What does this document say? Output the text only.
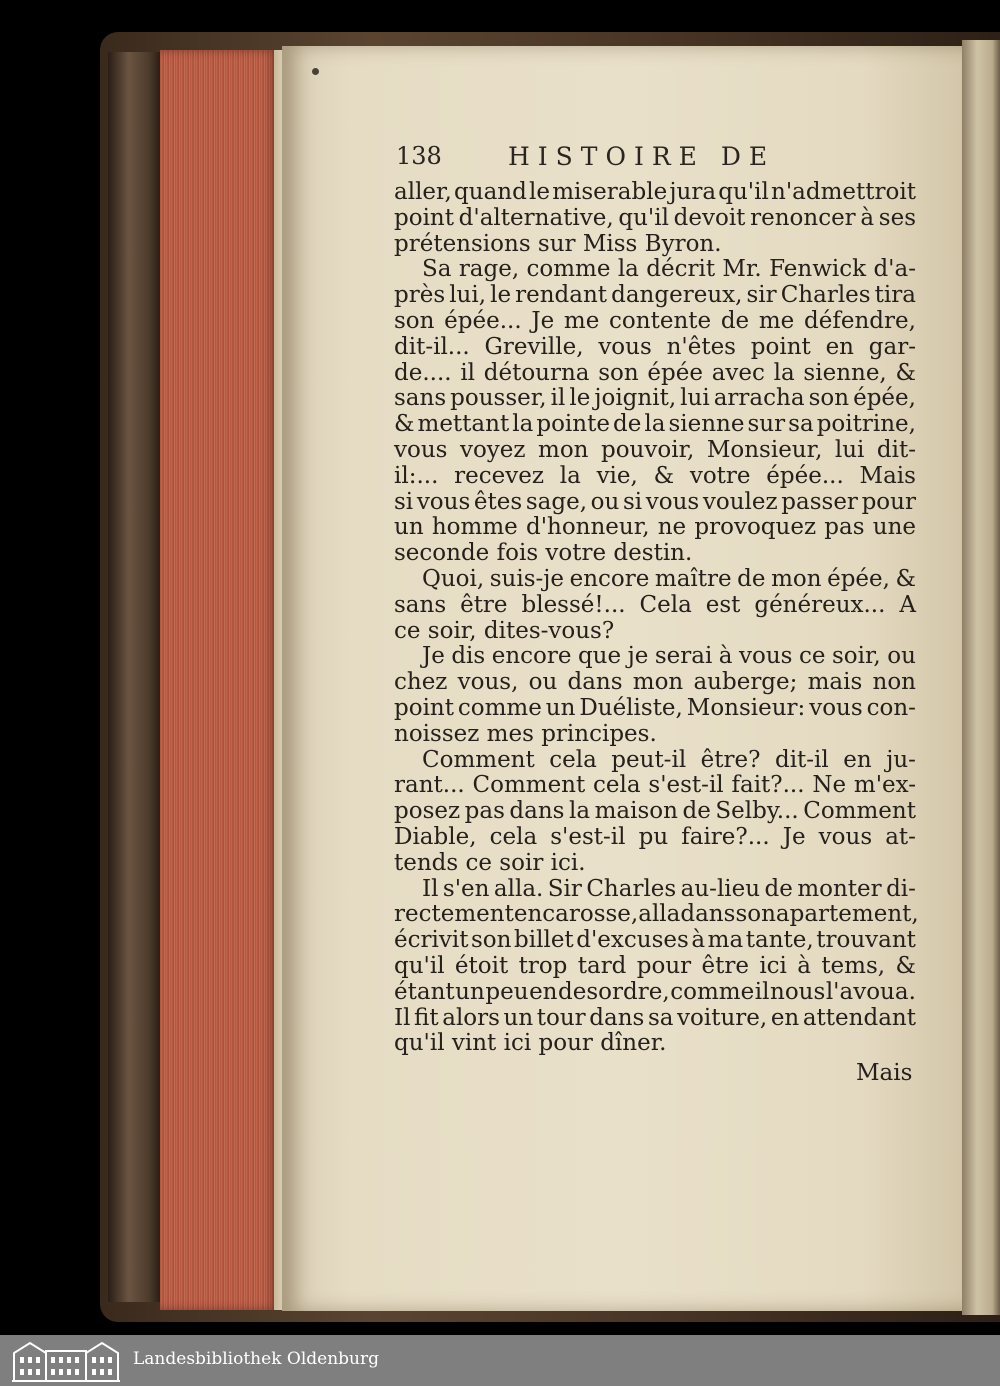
138	HISTOIRE DE
aller, quand le miserable jura qu'il n'admettroit
point d'alternative, qu'il devoit renoncer à ses
prétensions sur Miss Byron.
Sa rage, comme la décrit Mr. Fenwick d'a-
près lui, le rendant dangereux, sir Charles tira
son épée... Je me contente de me défendre,
dit-il... Greville, vous n'êtes point en gar-
de.... il détourna son épée avec la sienne, &
sans pousser, il le joignit, lui arracha son épée,
& mettant la pointe de la sienne sur sa poitrine,
vous voyez mon pouvoir, Monsieur, lui dit-
il:... recevez la vie, & votre épée... Mais
si vous êtes sage, ou si vous voulez passer pour
un homme d'honneur, ne provoquez pas une
seconde fois votre destin.
Quoi, suis-je encore maître de mon épée, &
sans être blessé!... Cela est généreux... A
ce soir, dites-vous?
Je dis encore que je serai à vous ce soir, ou
chez vous, ou dans mon auberge; mais non
point comme un Duéliste, Monsieur: vous con-
noissez mes principes.
Comment cela peut-il être? dit-il en ju-
rant... Comment cela s'est-il fait?... Ne m'ex-
posez pas dans la maison de Selby... Comment
Diable, cela s'est-il pu faire?... Je vous at-
tends ce soir ici.
Il s'en alla. Sir Charles au-lieu de monter di-
rectement en carosse, alla dans son apartement,
écrivit son billet d'excuses à ma tante, trouvant
qu'il étoit trop tard pour être ici à tems, &
étant un peu en desordre, comme il nous l'avoua.
Il fit alors un tour dans sa voiture, en attendant
qu'il vint ici pour dîner.
Mais
Landesbibliothek Oldenburg
